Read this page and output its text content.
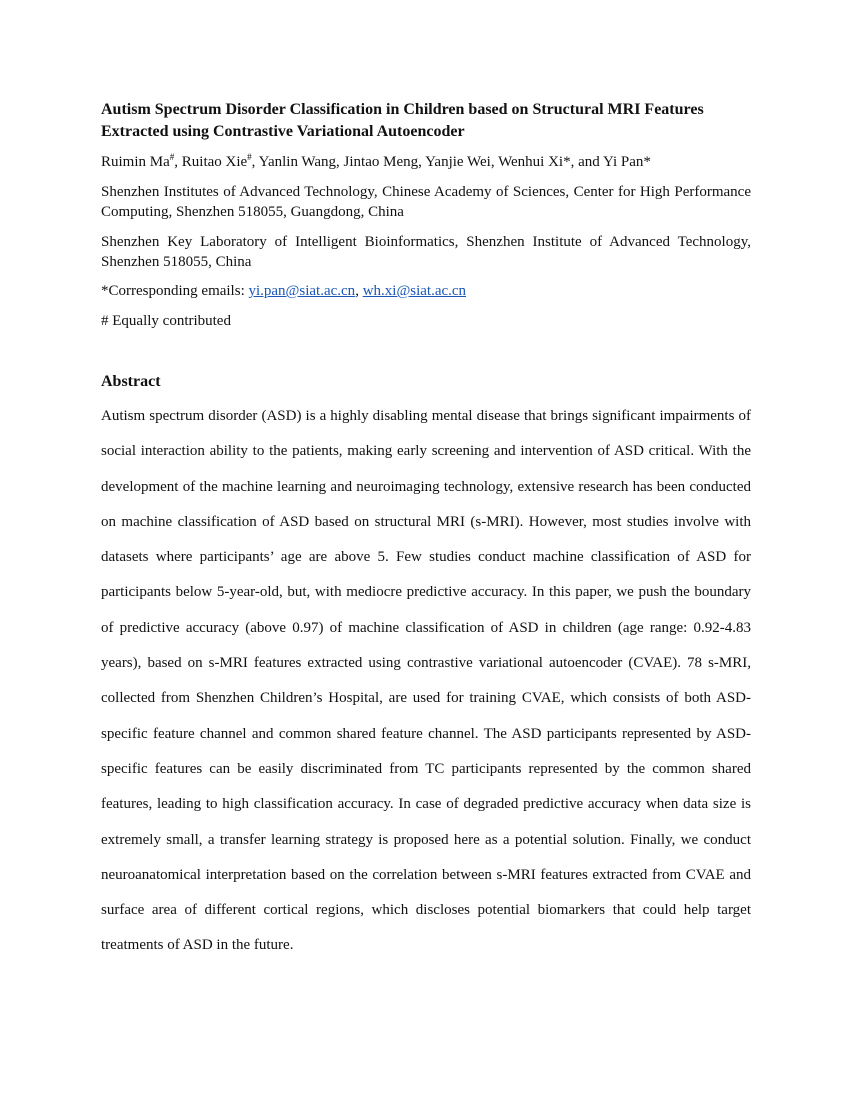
Autism Spectrum Disorder Classification in Children based on Structural MRI Features
Extracted using Contrastive Variational Autoencoder

Ruimin Ma#, Ruitao Xie#, Yanlin Wang, Jintao Meng, Yanjie Wei, Wenhui Xi*, and Yi Pan*

Shenzhen Institutes of Advanced Technology, Chinese Academy of Sciences, Center for High Performance Computing, Shenzhen 518055, Guangdong, China

Shenzhen Key Laboratory of Intelligent Bioinformatics, Shenzhen Institute of Advanced Technology, Shenzhen 518055, China

*Corresponding emails: yi.pan@siat.ac.cn, wh.xi@siat.ac.cn

# Equally contributed

Abstract

Autism spectrum disorder (ASD) is a highly disabling mental disease that brings significant impairments of social interaction ability to the patients, making early screening and intervention of ASD critical. With the development of the machine learning and neuroimaging technology, extensive research has been conducted on machine classification of ASD based on structural MRI (s-MRI). However, most studies involve with datasets where participants’ age are above 5. Few studies conduct machine classification of ASD for participants below 5-year-old, but, with mediocre predictive accuracy. In this paper, we push the boundary of predictive accuracy (above 0.97) of machine classification of ASD in children (age range: 0.92-4.83 years), based on s-MRI features extracted using contrastive variational autoencoder (CVAE). 78 s-MRI, collected from Shenzhen Children’s Hospital, are used for training CVAE, which consists of both ASD-specific feature channel and common shared feature channel. The ASD participants represented by ASD-specific features can be easily discriminated from TC participants represented by the common shared features, leading to high classification accuracy. In case of degraded predictive accuracy when data size is extremely small, a transfer learning strategy is proposed here as a potential solution. Finally, we conduct neuroanatomical interpretation based on the correlation between s-MRI features extracted from CVAE and surface area of different cortical regions, which discloses potential biomarkers that could help target treatments of ASD in the future.
